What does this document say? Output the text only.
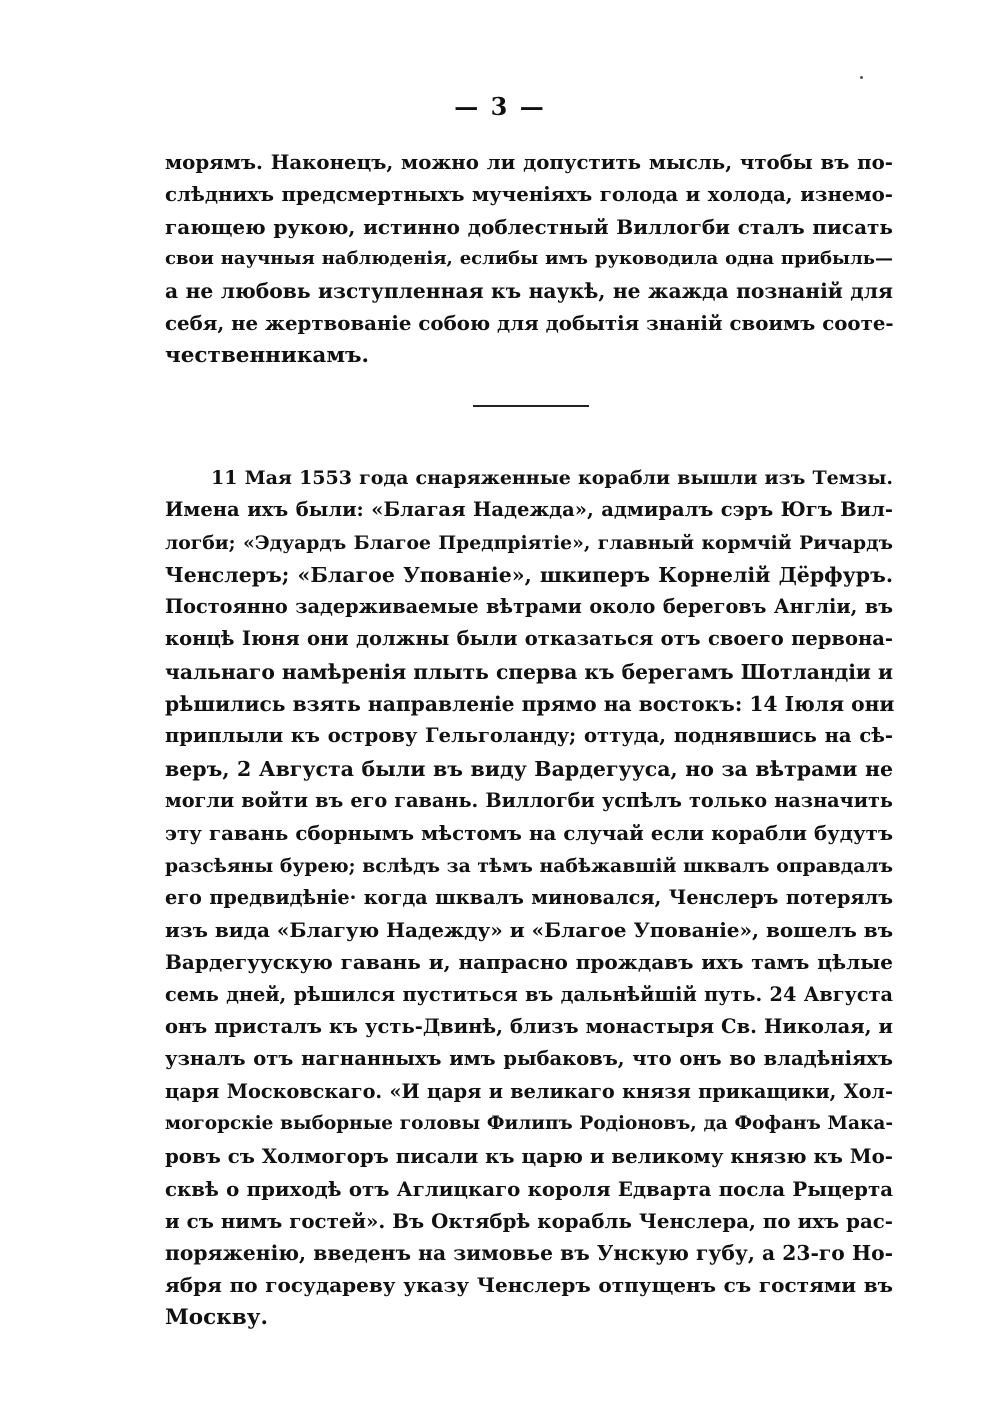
— 3 —
морямъ. Наконецъ, можно ли допустить мысль, чтобы въ по-
слѣднихъ предсмертныхъ мученіяхъ голода и холода, изнемо-
гающею рукою, истинно доблестный Виллогби сталъ писать
свои научныя наблюденія, еслибы имъ руководила одна прибыль—
а не любовь изступленная къ наукѣ, не жажда познаній для
себя, не жертвованіе собою для добытія знаній своимъ сооте-
чественникамъ.
11 Мая 1553 года снаряженные корабли вышли изъ Темзы.
Имена ихъ были: «Благая Надежда», адмиралъ сэръ Югъ Вил-
логби; «Эдуардъ Благое Предпріятіе», главный кормчій Ричардъ
Ченслеръ; «Благое Упованіе», шкиперъ Корнелій Дёрфуръ.
Постоянно задерживаемые вѣтрами около береговъ Англіи, въ
концѣ Іюня они должны были отказаться отъ своего первона-
чальнаго намѣренія плыть сперва къ берегамъ Шотландіи и
рѣшились взять направленіе прямо на востокъ: 14 Іюля они
приплыли къ острову Гельголанду; оттуда, поднявшись на сѣ-
веръ, 2 Августа были въ виду Вардегууса, но за вѣтрами не
могли войти въ его гавань. Виллогби успѣлъ только назначить
эту гавань сборнымъ мѣстомъ на случай если корабли будутъ
разсѣяны бурею; вслѣдъ за тѣмъ набѣжавшій шквалъ оправдалъ
его предвидѣніе· когда шквалъ миновался, Ченслеръ потерялъ
изъ вида «Благую Надежду» и «Благое Упованіе», вошелъ въ
Вардегуускую гавань и, напрасно прождавъ ихъ тамъ цѣлые
семь дней, рѣшился пуститься въ дальнѣйшій путь. 24 Августа
онъ присталъ къ усть-Двинѣ, близъ монастыря Св. Николая, и
узналъ отъ нагнанныхъ имъ рыбаковъ, что онъ во владѣніяхъ
царя Московскаго. «И царя и великаго князя прикащики, Хол-
могорскіе выборные головы Филипъ Родіоновъ, да Фофанъ Мака-
ровъ съ Холмогоръ писали къ царю и великому князю къ Мо-
сквѣ о приходѣ отъ Аглицкаго короля Едварта посла Рыцерта
и съ нимъ гостей». Въ Октябрѣ корабль Ченслера, по ихъ рас-
поряженію, введенъ на зимовье въ Унскую губу, а 23-го Но-
ября по государеву указу Ченслеръ отпущенъ съ гостями въ
Москву.
